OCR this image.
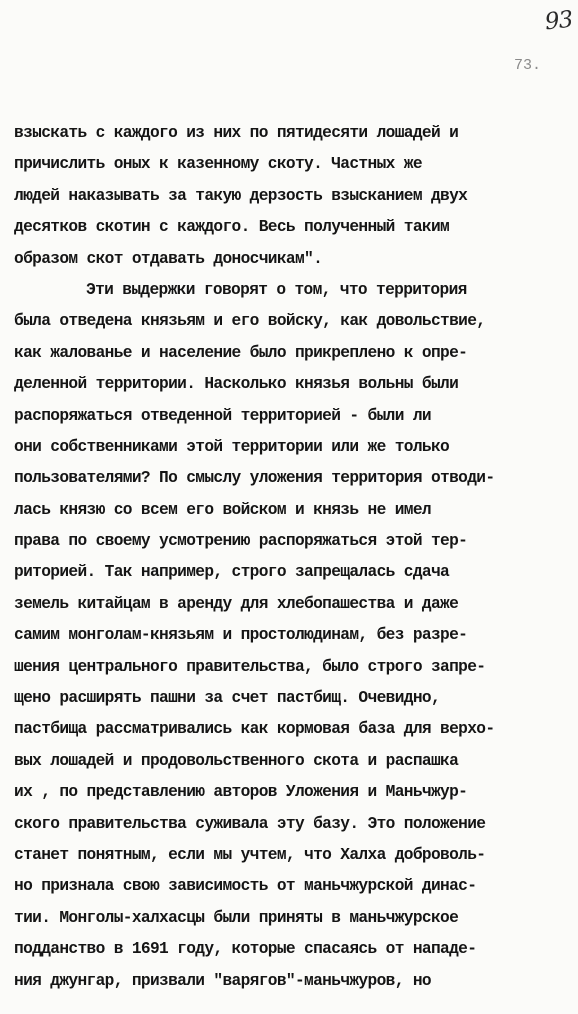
93
73.
взыскать с каждого из них по пятидесяти лошадей и
причислить оных к казенному скоту. Частных же
людей наказывать за такую дерзость взысканием двух
десятков скотин с каждого. Весь полученный таким
образом скот отдавать доносчикам".
Эти выдержки говорят о том, что территория
была отведена князьям и его войску, как довольствие,
как жалованье и население было прикреплено к опре-
деленной территории. Насколько князья вольны были
распоряжаться отведенной территорией - были ли
они собственниками этой территории или же только
пользователями? По смыслу уложения территория отводи-
лась князю со всем его войском и князь не имел
права по своему усмотрению распоряжаться этой тер-
риторией. Так например, строго запрещалась сдача
земель китайцам в аренду для хлебопашества и даже
самим монголам-князьям и простолюдинам, без разре-
шения центрального правительства, было строго запре-
щено расширять пашни за счет пастбищ. Очевидно,
пастбища рассматривались как кормовая база для верхо-
вых лошадей и продовольственного скота и распашка
их , по представлению авторов Уложения и Маньчжур-
ского правительства суживала эту базу. Это положение
станет понятным, если мы учтем, что Халха доброволь-
но признала свою зависимость от маньчжурской динас-
тии. Монголы-халхасцы были приняты в маньчжурское
подданство в 1691 году, которые спасаясь от нападе-
ния джунгар, призвали "варягов"-маньчжуров, но
